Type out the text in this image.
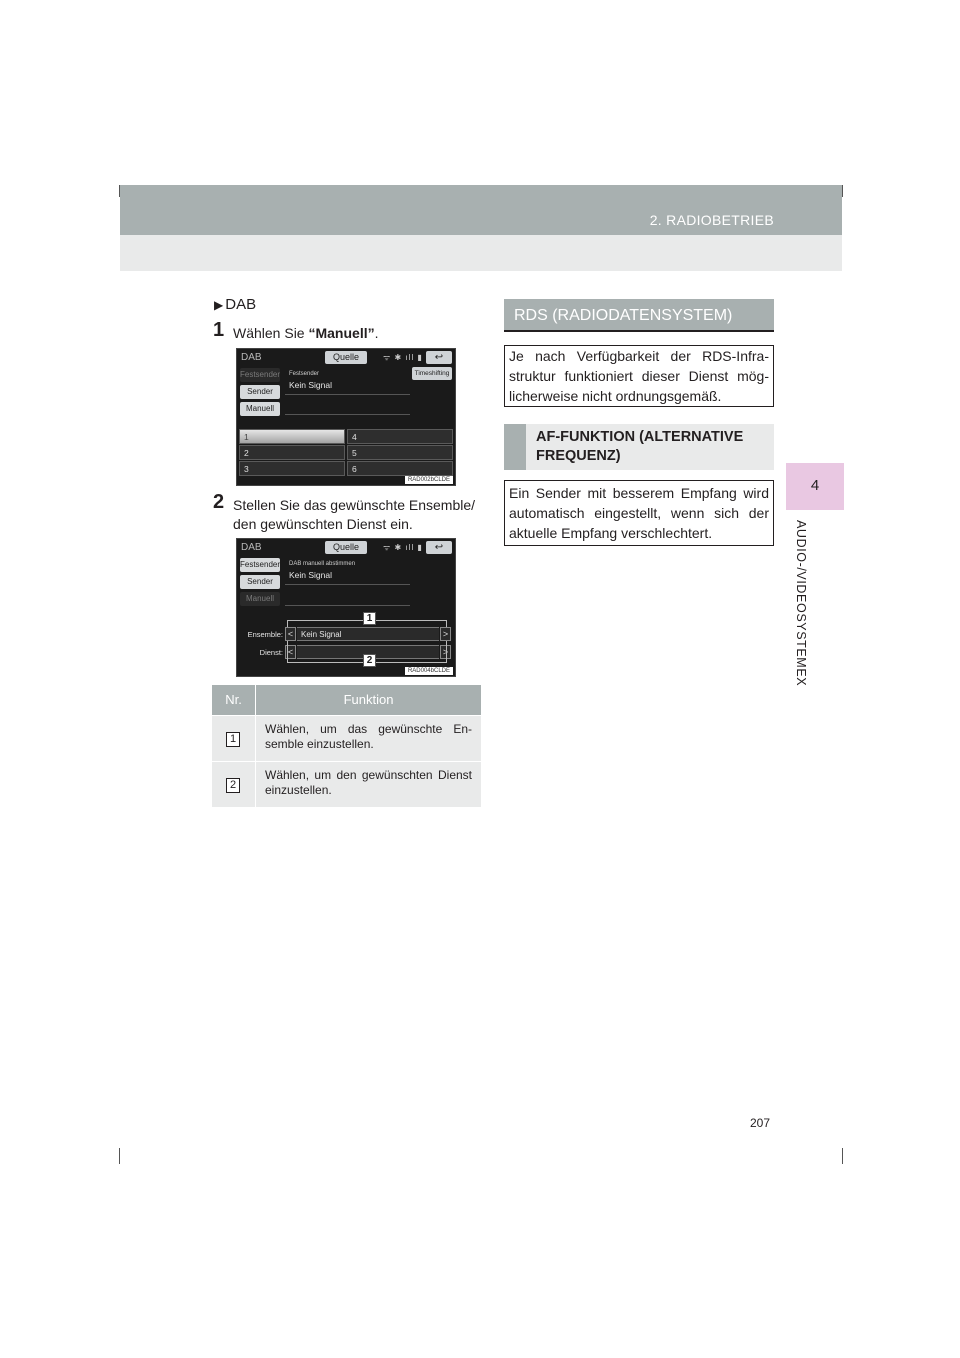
2. RADIOBETRIEB
4
AUDIO-/VIDEOSYSTEMEX
▶ DAB
1 Wählen Sie “Manuell”.
DAB	Quelle	ᯤ ✱ ıll ▮	↩
Festsender
Sender
Manuell
Festsender
Kein Signal
Timeshifting
1
2
3
4
5
6
RAD002bCLDE
2 Stellen Sie das gewünschte Ensemble/ den gewünschten Dienst ein.
DAB	Quelle	ᯤ ✱ ıll ▮	↩
Festsender
Sender
Manuell
DAB manuell abstimmen
Kein Signal
1
Ensemble: < Kein Signal	>
Dienst: <	>
2
RAD004bCLDE
Nr.	Funktion
1
Wählen, um das gewünschte En-semble einzustellen.
2
Wählen, um den gewünschten Dienst einzustellen.
RDS (RADIODATENSYSTEM)
Je nach Verfügbarkeit der RDS-Infra-struktur funktioniert dieser Dienst mög-licherweise nicht ordnungsgemäß.
AF-FUNKTION (ALTERNATIVE FREQUENZ)
Ein Sender mit besserem Empfang wird automatisch eingestellt, wenn sich der aktuelle Empfang verschlechtert.
207
